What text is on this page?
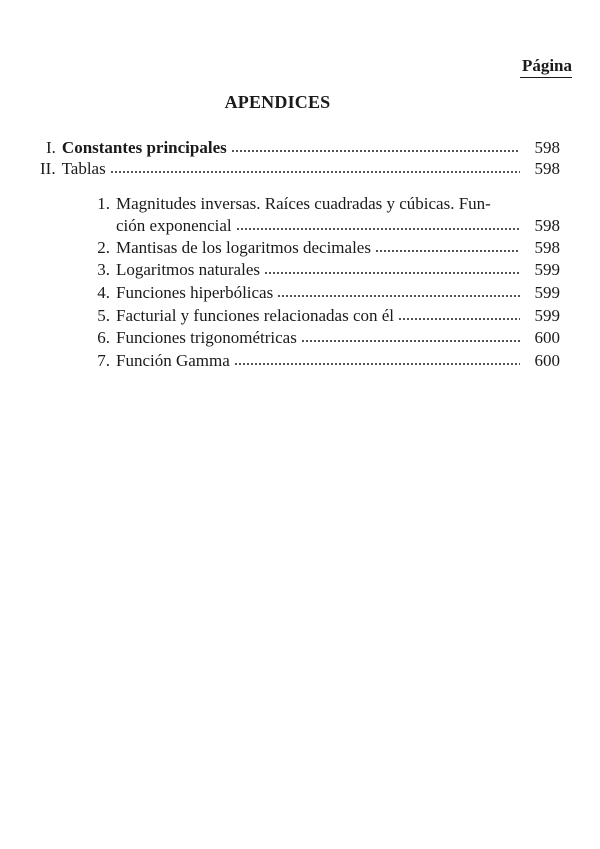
Página
APENDICES
I. Constantes principales	598
II. Tablas	598
1. Magnitudes inversas. Raíces cuadradas y cúbicas. Fun-
ción exponencial	598
2. Mantisas de los logaritmos decimales	598
3. Logaritmos naturales	599
4. Funciones hiperbólicas	599
5. Facturial y funciones relacionadas con él	599
6. Funciones trigonométricas	600
7. Función Gamma	600
